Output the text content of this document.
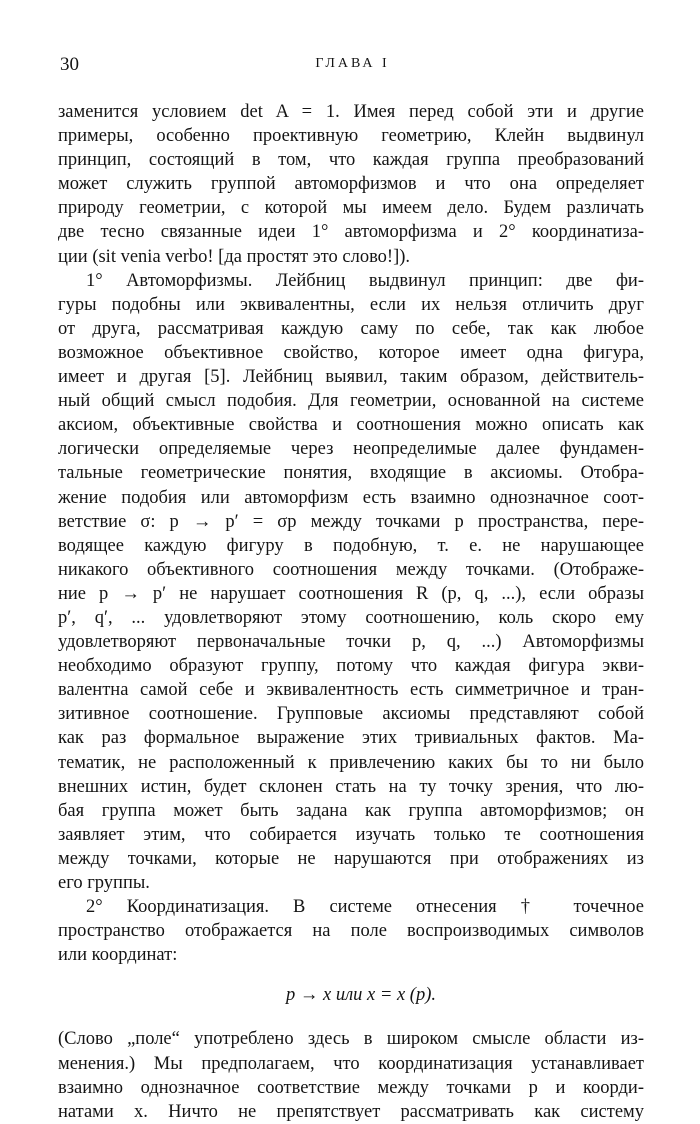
30	ГЛАВА I
заменится условием det A = 1. Имея перед собой эти и другие
примеры, особенно проективную геометрию, Клейн выдвинул
принцип, состоящий в том, что каждая группа преобразований
может служить группой автоморфизмов и что она определяет
природу геометрии, с которой мы имеем дело. Будем различать
две тесно связанные идеи 1° автоморфизма и 2° координатиза-
ции (sit venia verbo! [да простят это слово!]).
1° Автоморфизмы. Лейбниц выдвинул принцип: две фи-
гуры подобны или эквивалентны, если их нельзя отличить друг
от друга, рассматривая каждую саму по себе, так как любое
возможное объективное свойство, которое имеет одна фигура,
имеет и другая [5]. Лейбниц выявил, таким образом, действитель-
ный общий смысл подобия. Для геометрии, основанной на системе
аксиом, объективные свойства и соотношения можно описать как
логически определяемые через неопределимые далее фундамен-
тальные геометрические понятия, входящие в аксиомы. Отобра-
жение подобия или автоморфизм есть взаимно однозначное соот-
ветствие σ: p → p′ = σp между точками p пространства, пере-
водящее каждую фигуру в подобную, т. е. не нарушающее
никакого объективного соотношения между точками. (Отображе-
ние p → p′ не нарушает соотношения R (p, q, ...), если образы
p′, q′, ... удовлетворяют этому соотношению, коль скоро ему
удовлетворяют первоначальные точки p, q, ...) Автоморфизмы
необходимо образуют группу, потому что каждая фигура экви-
валентна самой себе и эквивалентность есть симметричное и тран-
зитивное соотношение. Групповые аксиомы представляют собой
как раз формальное выражение этих тривиальных фактов. Ма-
тематик, не расположенный к привлечению каких бы то ни было
внешних истин, будет склонен стать на ту точку зрения, что лю-
бая группа может быть задана как группа автоморфизмов; он
заявляет этим, что собирается изучать только те соотношения
между точками, которые не нарушаются при отображениях из
его группы.
2° Координатизация. В системе отнесения † точечное
пространство отображается на поле воспроизводимых символов
или координат:
p → x или x = x (p).
(Слово „поле“ употреблено здесь в широком смысле области из-
менения.) Мы предполагаем, что координатизация устанавливает
взаимно однозначное соответствие между точками p и коорди-
натами x. Ничто не препятствует рассматривать как систему
